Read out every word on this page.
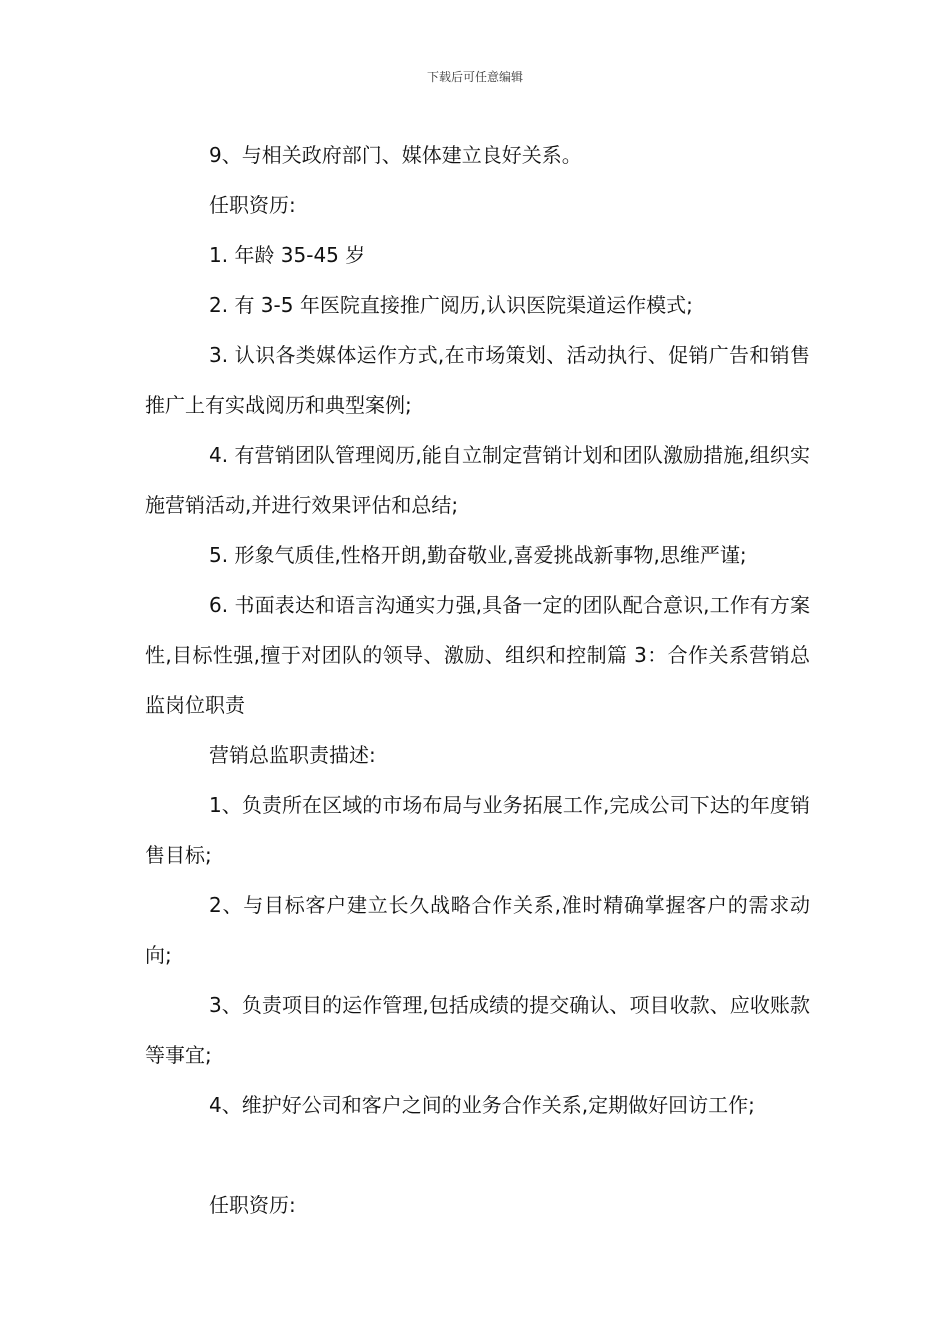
下载后可任意编辑

9、与相关政府部门、媒体建立良好关系。

任职资历:

1. 年龄 35-45 岁

2. 有 3-5 年医院直接推广阅历,认识医院渠道运作模式;

3. 认识各类媒体运作方式,在市场策划、活动执行、促销广告和销售推广上有实战阅历和典型案例;

4. 有营销团队管理阅历,能自立制定营销计划和团队激励措施,组织实施营销活动,并进行效果评估和总结;

5. 形象气质佳,性格开朗,勤奋敬业,喜爱挑战新事物,思维严谨;

6. 书面表达和语言沟通实力强,具备一定的团队配合意识,工作有方案性,目标性强,擅于对团队的领导、激励、组织和控制篇 3：合作关系营销总监岗位职责

营销总监职责描述:

1、负责所在区域的市场布局与业务拓展工作,完成公司下达的年度销售目标;

2、与目标客户建立长久战略合作关系,准时精确掌握客户的需求动向;

3、负责项目的运作管理,包括成绩的提交确认、项目收款、应收账款等事宜;

4、维护好公司和客户之间的业务合作关系,定期做好回访工作;

任职资历:
